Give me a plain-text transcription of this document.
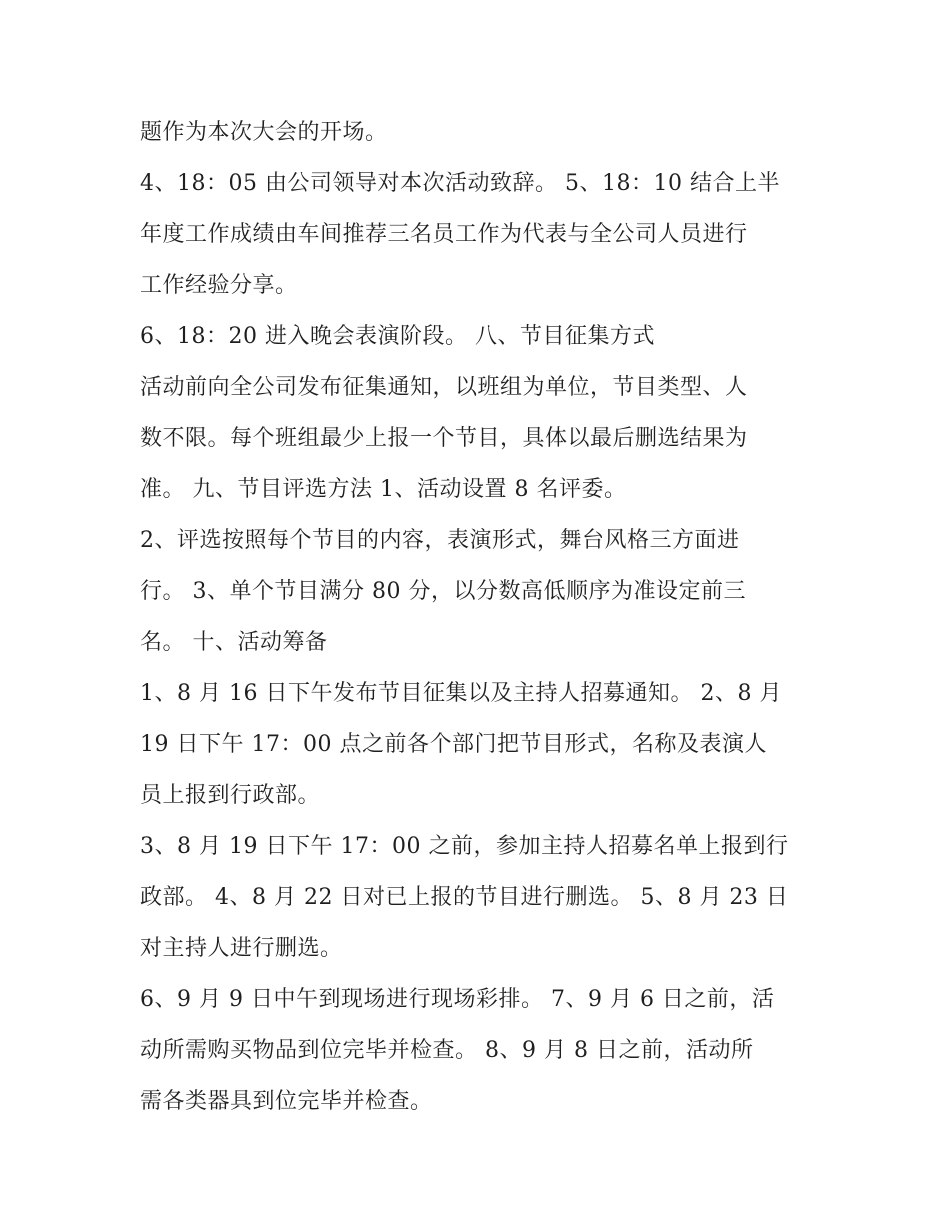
题作为本次大会的开场。

4、18：05 由公司领导对本次活动致辞。 5、18：10 结合上半
年度工作成绩由车间推荐三名员工作为代表与全公司人员进行
工作经验分享。

6、18：20 进入晚会表演阶段。 八、节目征集方式

活动前向全公司发布征集通知，以班组为单位，节目类型、人
数不限。每个班组最少上报一个节目，具体以最后删选结果为
准。 九、节目评选方法 1、活动设置 8 名评委。

2、评选按照每个节目的内容，表演形式，舞台风格三方面进
行。 3、单个节目满分 80 分，以分数高低顺序为准设定前三
名。 十、活动筹备

1、8 月 16 日下午发布节目征集以及主持人招募通知。 2、8 月
19 日下午 17：00 点之前各个部门把节目形式，名称及表演人
员上报到行政部。

3、8 月 19 日下午 17：00 之前，参加主持人招募名单上报到行
政部。 4、8 月 22 日对已上报的节目进行删选。 5、8 月 23 日
对主持人进行删选。

6、9 月 9 日中午到现场进行现场彩排。 7、9 月 6 日之前，活
动所需购买物品到位完毕并检查。 8、9 月 8 日之前，活动所
需各类器具到位完毕并检查。
